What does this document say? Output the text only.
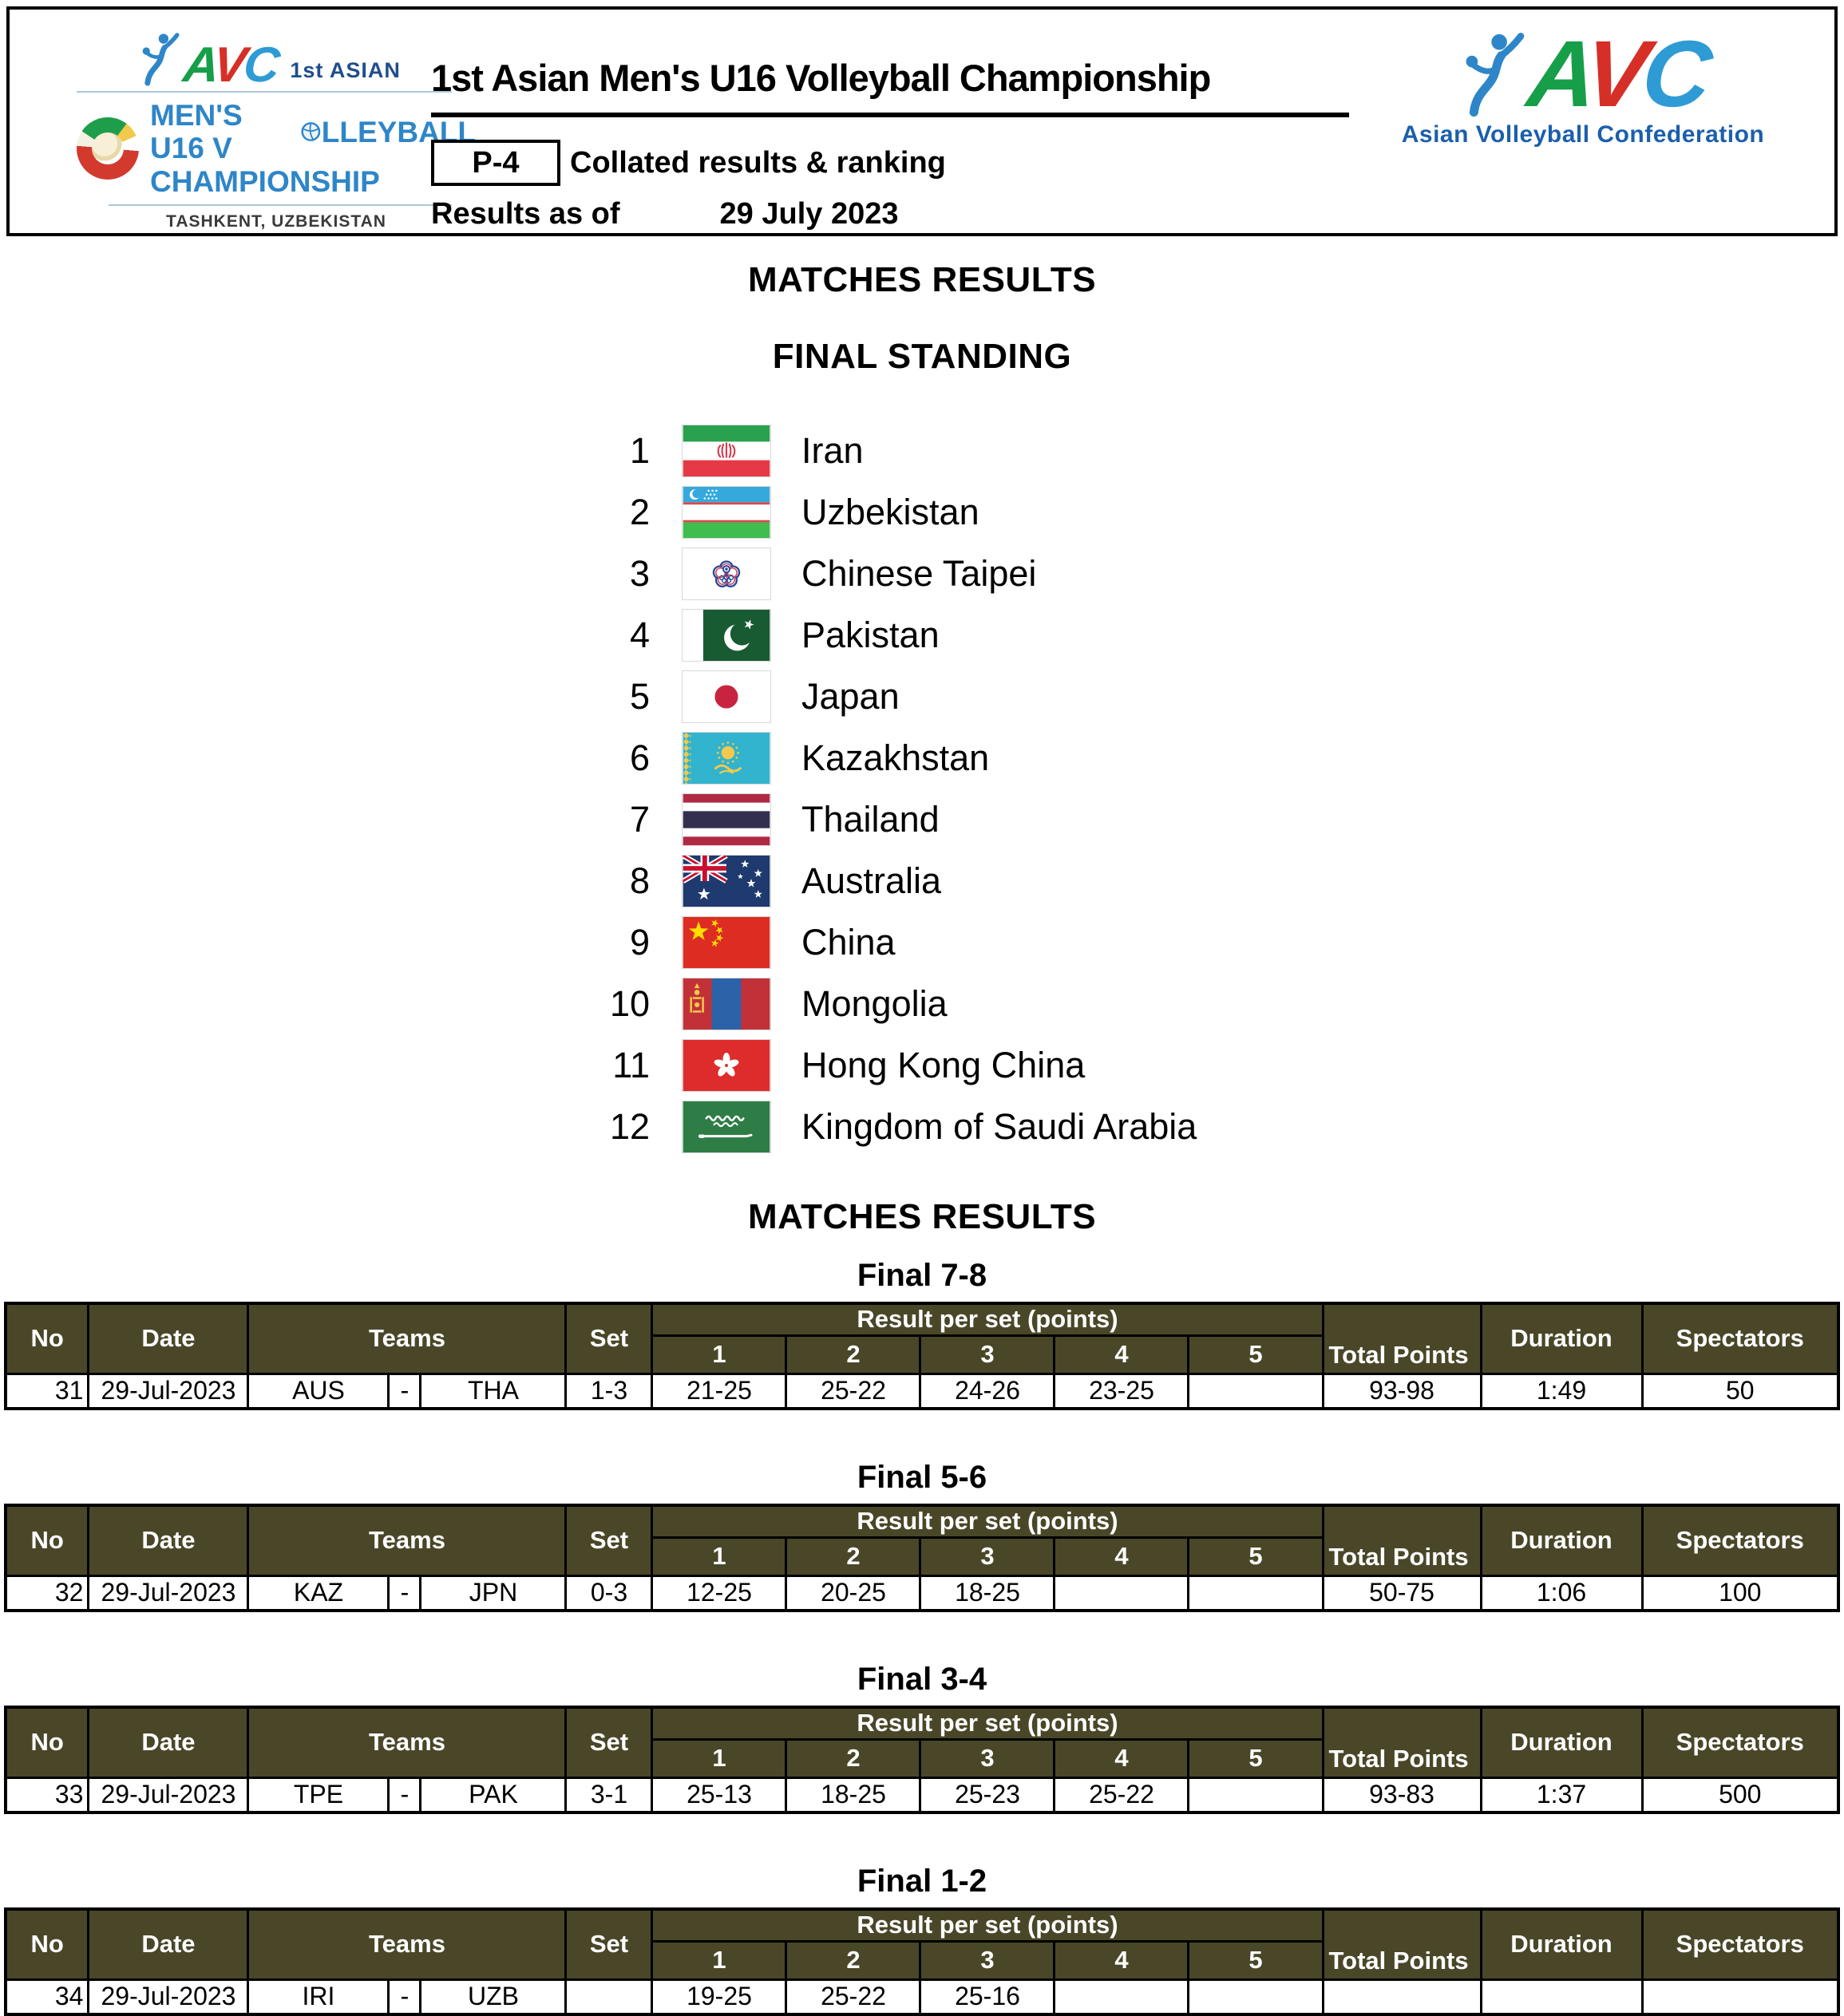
AVC 1st ASIAN
MEN'S U16 V
LLEYBALL
CHAMPIONSHIP
TASHKENT, UZBEKISTAN
1st Asian Men's U16 Volleyball Championship
P-4	Collated results & ranking
Results as of	29 July 2023
AVC
Asian Volleyball Confederation
MATCHES RESULTS
FINAL STANDING
1	Iran
2	Uzbekistan
3	Chinese Taipei
4	Pakistan
5	Japan
6	Kazakhstan
7	Thailand
8	Australia
9	China
10	Mongolia
11	Hong Kong China
12	Kingdom of Saudi Arabia
MATCHES RESULTS
Final 7-8
No	Date	Teams			Set	Result per set (points)					Total Points	Duration	Spectators
						1	2	3	4	5			
31	29-Jul-2023	AUS	-	THA	1-3	21-25	25-22	24-26	23-25		93-98	1:49	50
Final 5-6
No	Date	Teams			Set	Result per set (points)					Total Points	Duration	Spectators
						1	2	3	4	5			
32	29-Jul-2023	KAZ	-	JPN	0-3	12-25	20-25	18-25			50-75	1:06	100
Final 3-4
No	Date	Teams			Set	Result per set (points)					Total Points	Duration	Spectators
						1	2	3	4	5			
33	29-Jul-2023	TPE	-	PAK	3-1	25-13	18-25	25-23	25-22		93-83	1:37	500
Final 1-2
No	Date	Teams			Set	Result per set (points)					Total Points	Duration	Spectators
						1	2	3	4	5			
34	29-Jul-2023	IRI	-	UZB		19-25	25-22	25-16					
